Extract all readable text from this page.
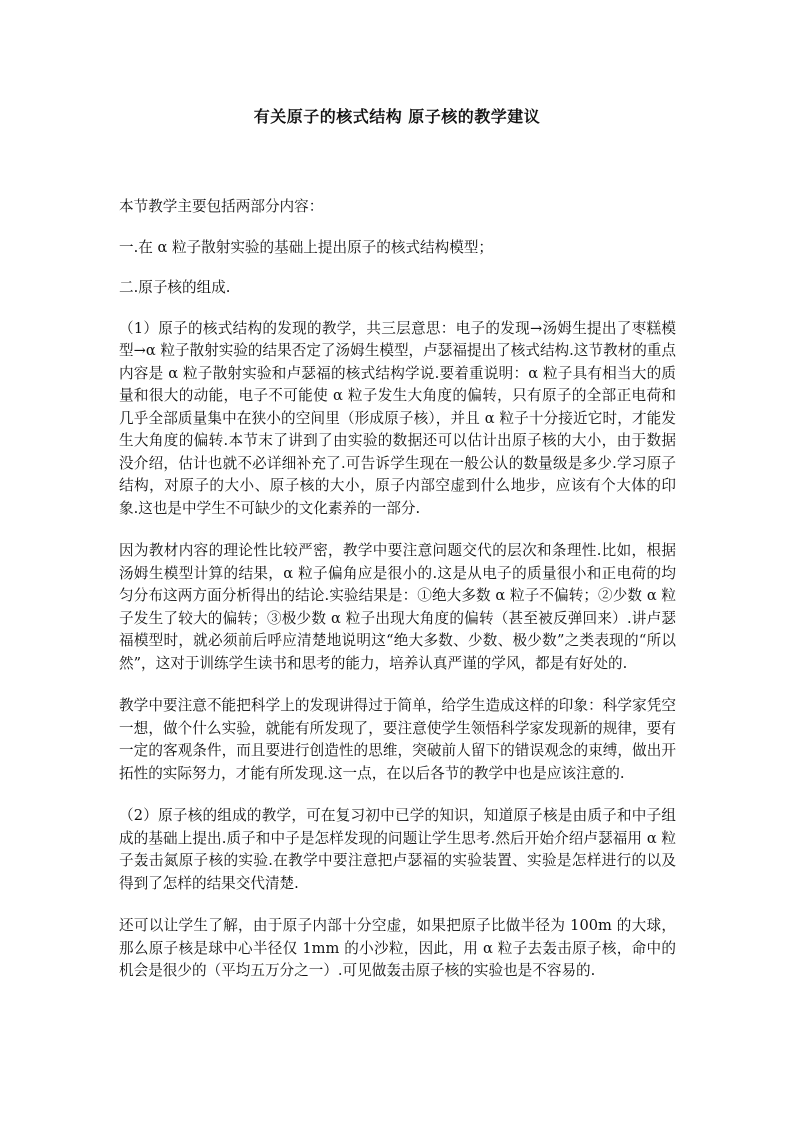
有关原子的核式结构 原子核的教学建议

本节教学主要包括两部分内容：

一.在 α 粒子散射实验的基础上提出原子的核式结构模型；

二.原子核的组成.

（1）原子的核式结构的发现的教学，共三层意思：电子的发现→汤姆生提出了枣糕模型→α 粒子散射实验的结果否定了汤姆生模型，卢瑟福提出了核式结构.这节教材的重点内容是 α 粒子散射实验和卢瑟福的核式结构学说.要着重说明：α 粒子具有相当大的质量和很大的动能，电子不可能使 α 粒子发生大角度的偏转，只有原子的全部正电荷和几乎全部质量集中在狭小的空间里（形成原子核），并且 α 粒子十分接近它时，才能发生大角度的偏转.本节末了讲到了由实验的数据还可以估计出原子核的大小，由于数据没介绍，估计也就不必详细补充了.可告诉学生现在一般公认的数量级是多少.学习原子结构，对原子的大小、原子核的大小，原子内部空虚到什么地步，应该有个大体的印象.这也是中学生不可缺少的文化素养的一部分.

因为教材内容的理论性比较严密，教学中要注意问题交代的层次和条理性.比如，根据汤姆生模型计算的结果，α 粒子偏角应是很小的.这是从电子的质量很小和正电荷的均匀分布这两方面分析得出的结论.实验结果是：①绝大多数 α 粒子不偏转；②少数 α 粒子发生了较大的偏转；③极少数 α 粒子出现大角度的偏转（甚至被反弹回来）.讲卢瑟福模型时，就必须前后呼应清楚地说明这“绝大多数、少数、极少数”之类表现的“所以然”，这对于训练学生读书和思考的能力，培养认真严谨的学风，都是有好处的.

教学中要注意不能把科学上的发现讲得过于简单，给学生造成这样的印象：科学家凭空一想，做个什么实验，就能有所发现了，要注意使学生领悟科学家发现新的规律，要有一定的客观条件，而且要进行创造性的思维，突破前人留下的错误观念的束缚，做出开拓性的实际努力，才能有所发现.这一点，在以后各节的教学中也是应该注意的.

（2）原子核的组成的教学，可在复习初中已学的知识，知道原子核是由质子和中子组成的基础上提出.质子和中子是怎样发现的问题让学生思考.然后开始介绍卢瑟福用 α 粒子轰击氮原子核的实验.在教学中要注意把卢瑟福的实验装置、实验是怎样进行的以及得到了怎样的结果交代清楚.

还可以让学生了解，由于原子内部十分空虚，如果把原子比做半径为 100m 的大球，那么原子核是球中心半径仅 1mm 的小沙粒，因此，用 α 粒子去轰击原子核，命中的机会是很少的（平均五万分之一）.可见做轰击原子核的实验也是不容易的.
